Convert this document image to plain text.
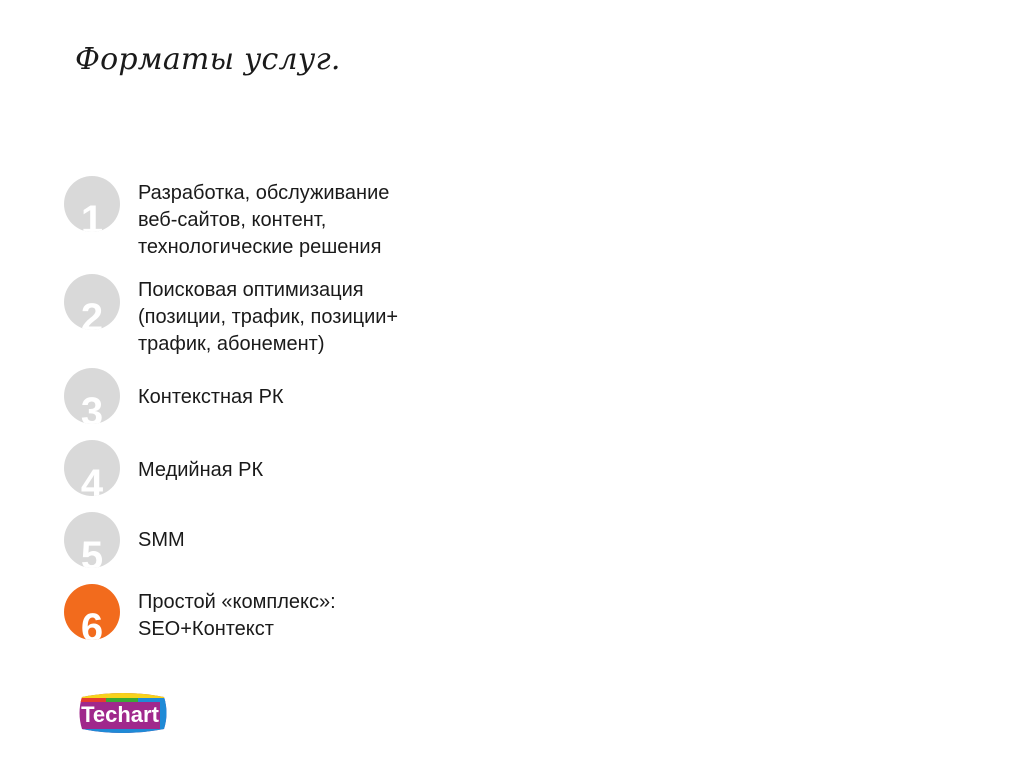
Форматы услуг.
1
Разработка, обслуживание
веб-сайтов, контент,
технологические решения
2
Поисковая оптимизация
(позиции, трафик, позиции+
трафик, абонемент)
3	Контекстная РК
4	Медийная РК
5	SMM
6
Простой «комплекс»:
SEO+Контекст
Techart
